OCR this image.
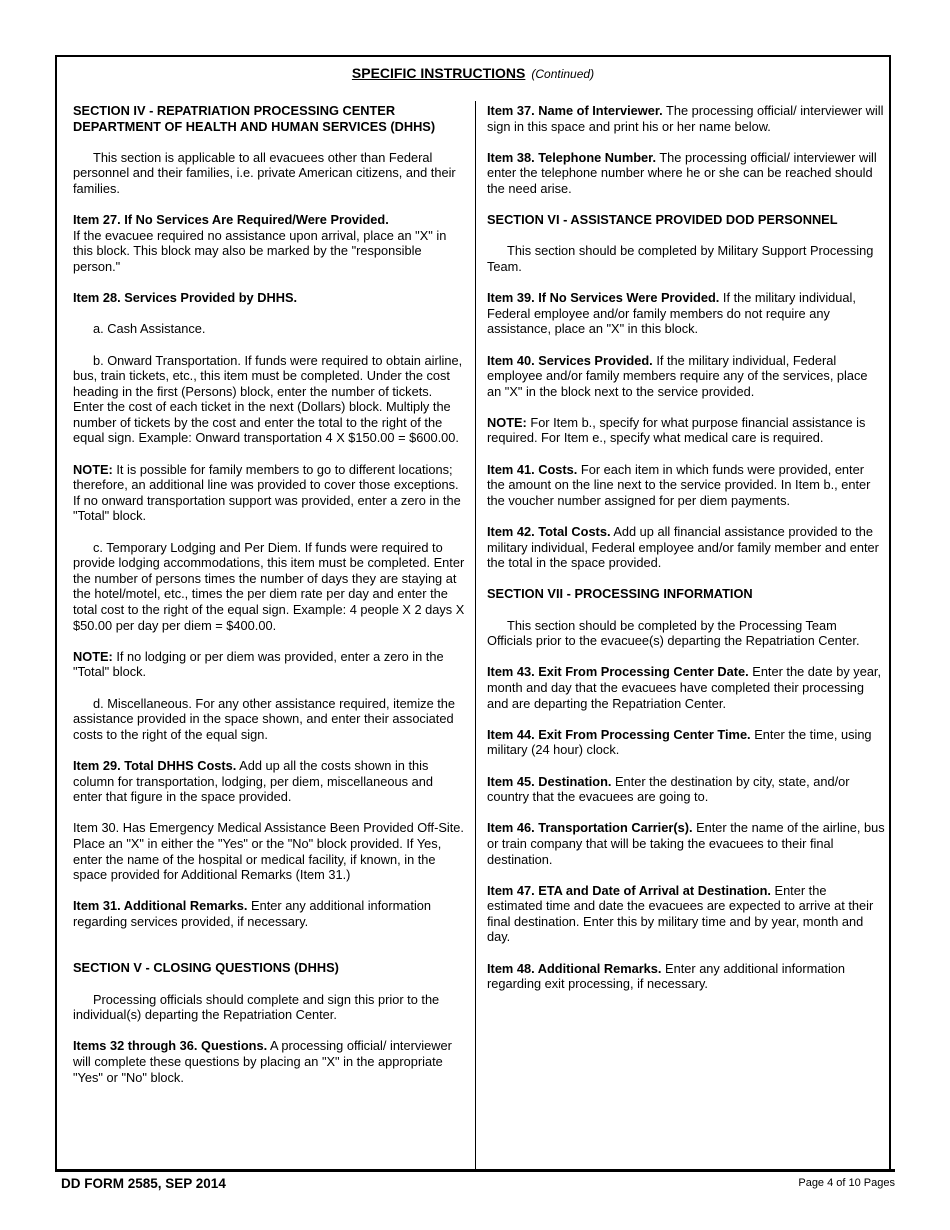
SPECIFIC INSTRUCTIONS (Continued)

SECTION IV - REPATRIATION PROCESSING CENTER DEPARTMENT OF HEALTH AND HUMAN SERVICES (DHHS)

This section is applicable to all evacuees other than Federal personnel and their families, i.e. private American citizens, and their families.

Item 27. If No Services Are Required/Were Provided.
If the evacuee required no assistance upon arrival, place an "X" in this block. This block may also be marked by the "responsible person."

Item 28. Services Provided by DHHS.

a. Cash Assistance.

b. Onward Transportation. If funds were required to obtain airline, bus, train tickets, etc., this item must be completed. Under the cost heading in the first (Persons) block, enter the number of tickets. Enter the cost of each ticket in the next (Dollars) block. Multiply the number of tickets by the cost and enter the total to the right of the equal sign. Example: Onward transportation 4 X $150.00 = $600.00.

NOTE: It is possible for family members to go to different locations; therefore, an additional line was provided to cover those exceptions. If no onward transportation support was provided, enter a zero in the "Total" block.

c. Temporary Lodging and Per Diem. If funds were required to provide lodging accommodations, this item must be completed. Enter the number of persons times the number of days they are staying at the hotel/motel, etc., times the per diem rate per day and enter the total cost to the right of the equal sign. Example: 4 people X 2 days X $50.00 per day per diem = $400.00.

NOTE: If no lodging or per diem was provided, enter a zero in the "Total" block.

d. Miscellaneous. For any other assistance required, itemize the assistance provided in the space shown, and enter their associated costs to the right of the equal sign.

Item 29. Total DHHS Costs. Add up all the costs shown in this column for transportation, lodging, per diem, miscellaneous and enter that figure in the space provided.

Item 30. Has Emergency Medical Assistance Been Provided Off-Site. Place an "X" in either the "Yes" or the "No" block provided. If Yes, enter the name of the hospital or medical facility, if known, in the space provided for Additional Remarks (Item 31.)

Item 31. Additional Remarks. Enter any additional information regarding services provided, if necessary.

SECTION V - CLOSING QUESTIONS (DHHS)

Processing officials should complete and sign this prior to the individual(s) departing the Repatriation Center.

Items 32 through 36. Questions. A processing official/ interviewer will complete these questions by placing an "X" in the appropriate "Yes" or "No" block.

Item 37. Name of Interviewer. The processing official/ interviewer will sign in this space and print his or her name below.

Item 38. Telephone Number. The processing official/ interviewer will enter the telephone number where he or she can be reached should the need arise.

SECTION VI - ASSISTANCE PROVIDED DOD PERSONNEL

This section should be completed by Military Support Processing Team.

Item 39. If No Services Were Provided. If the military individual, Federal employee and/or family members do not require any assistance, place an "X" in this block.

Item 40. Services Provided. If the military individual, Federal employee and/or family members require any of the services, place an "X" in the block next to the service provided.

NOTE: For Item b., specify for what purpose financial assistance is required. For Item e., specify what medical care is required.

Item 41. Costs. For each item in which funds were provided, enter the amount on the line next to the service provided. In Item b., enter the voucher number assigned for per diem payments.

Item 42. Total Costs. Add up all financial assistance provided to the military individual, Federal employee and/or family member and enter the total in the space provided.

SECTION VII - PROCESSING INFORMATION

This section should be completed by the Processing Team Officials prior to the evacuee(s) departing the Repatriation Center.

Item 43. Exit From Processing Center Date. Enter the date by year, month and day that the evacuees have completed their processing and are departing the Repatriation Center.

Item 44. Exit From Processing Center Time. Enter the time, using military (24 hour) clock.

Item 45. Destination. Enter the destination by city, state, and/or country that the evacuees are going to.

Item 46. Transportation Carrier(s). Enter the name of the airline, bus or train company that will be taking the evacuees to their final destination.

Item 47. ETA and Date of Arrival at Destination. Enter the estimated time and date the evacuees are expected to arrive at their final destination. Enter this by military time and by year, month and day.

Item 48. Additional Remarks. Enter any additional information regarding exit processing, if necessary.

DD FORM 2585, SEP 2014	Page 4 of 10 Pages
